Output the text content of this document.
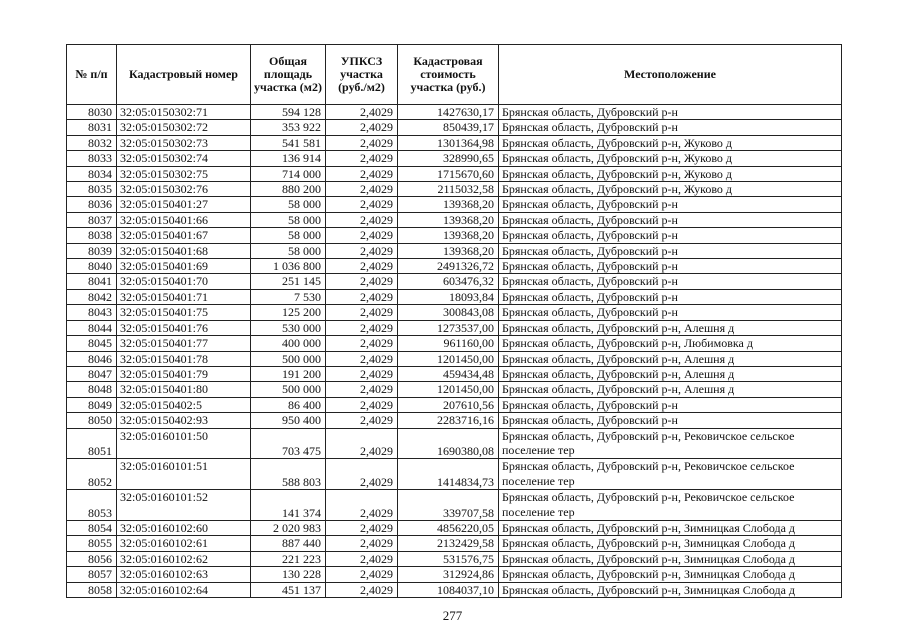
№ п/п	Кадастровый номер	Общая площадь участка (м2)	УПКСЗ участка (руб./м2)	Кадастровая стоимость участка (руб.)	Местоположение
8030	32:05:0150302:71	594 128	2,4029	1427630,17	Брянская область, Дубровский р-н
8031	32:05:0150302:72	353 922	2,4029	850439,17	Брянская область, Дубровский р-н
8032	32:05:0150302:73	541 581	2,4029	1301364,98	Брянская область, Дубровский р-н, Жуково д
8033	32:05:0150302:74	136 914	2,4029	328990,65	Брянская область, Дубровский р-н, Жуково д
8034	32:05:0150302:75	714 000	2,4029	1715670,60	Брянская область, Дубровский р-н, Жуково д
8035	32:05:0150302:76	880 200	2,4029	2115032,58	Брянская область, Дубровский р-н, Жуково д
8036	32:05:0150401:27	58 000	2,4029	139368,20	Брянская область, Дубровский р-н
8037	32:05:0150401:66	58 000	2,4029	139368,20	Брянская область, Дубровский р-н
8038	32:05:0150401:67	58 000	2,4029	139368,20	Брянская область, Дубровский р-н
8039	32:05:0150401:68	58 000	2,4029	139368,20	Брянская область, Дубровский р-н
8040	32:05:0150401:69	1 036 800	2,4029	2491326,72	Брянская область, Дубровский р-н
8041	32:05:0150401:70	251 145	2,4029	603476,32	Брянская область, Дубровский р-н
8042	32:05:0150401:71	7 530	2,4029	18093,84	Брянская область, Дубровский р-н
8043	32:05:0150401:75	125 200	2,4029	300843,08	Брянская область, Дубровский р-н
8044	32:05:0150401:76	530 000	2,4029	1273537,00	Брянская область, Дубровский р-н, Алешня д
8045	32:05:0150401:77	400 000	2,4029	961160,00	Брянская область, Дубровский р-н, Любимовка д
8046	32:05:0150401:78	500 000	2,4029	1201450,00	Брянская область, Дубровский р-н, Алешня д
8047	32:05:0150401:79	191 200	2,4029	459434,48	Брянская область, Дубровский р-н, Алешня д
8048	32:05:0150401:80	500 000	2,4029	1201450,00	Брянская область, Дубровский р-н, Алешня д
8049	32:05:0150402:5	86 400	2,4029	207610,56	Брянская область, Дубровский р-н
8050	32:05:0150402:93	950 400	2,4029	2283716,16	Брянская область, Дубровский р-н
8051	32:05:0160101:50	703 475	2,4029	1690380,08	Брянская область, Дубровский р-н, Рековичское сельское поселение тер
8052	32:05:0160101:51	588 803	2,4029	1414834,73	Брянская область, Дубровский р-н, Рековичское сельское поселение тер
8053	32:05:0160101:52	141 374	2,4029	339707,58	Брянская область, Дубровский р-н, Рековичское сельское поселение тер
8054	32:05:0160102:60	2 020 983	2,4029	4856220,05	Брянская область, Дубровский р-н, Зимницкая Слобода д
8055	32:05:0160102:61	887 440	2,4029	2132429,58	Брянская область, Дубровский р-н, Зимницкая Слобода д
8056	32:05:0160102:62	221 223	2,4029	531576,75	Брянская область, Дубровский р-н, Зимницкая Слобода д
8057	32:05:0160102:63	130 228	2,4029	312924,86	Брянская область, Дубровский р-н, Зимницкая Слобода д
8058	32:05:0160102:64	451 137	2,4029	1084037,10	Брянская область, Дубровский р-н, Зимницкая Слобода д
277
